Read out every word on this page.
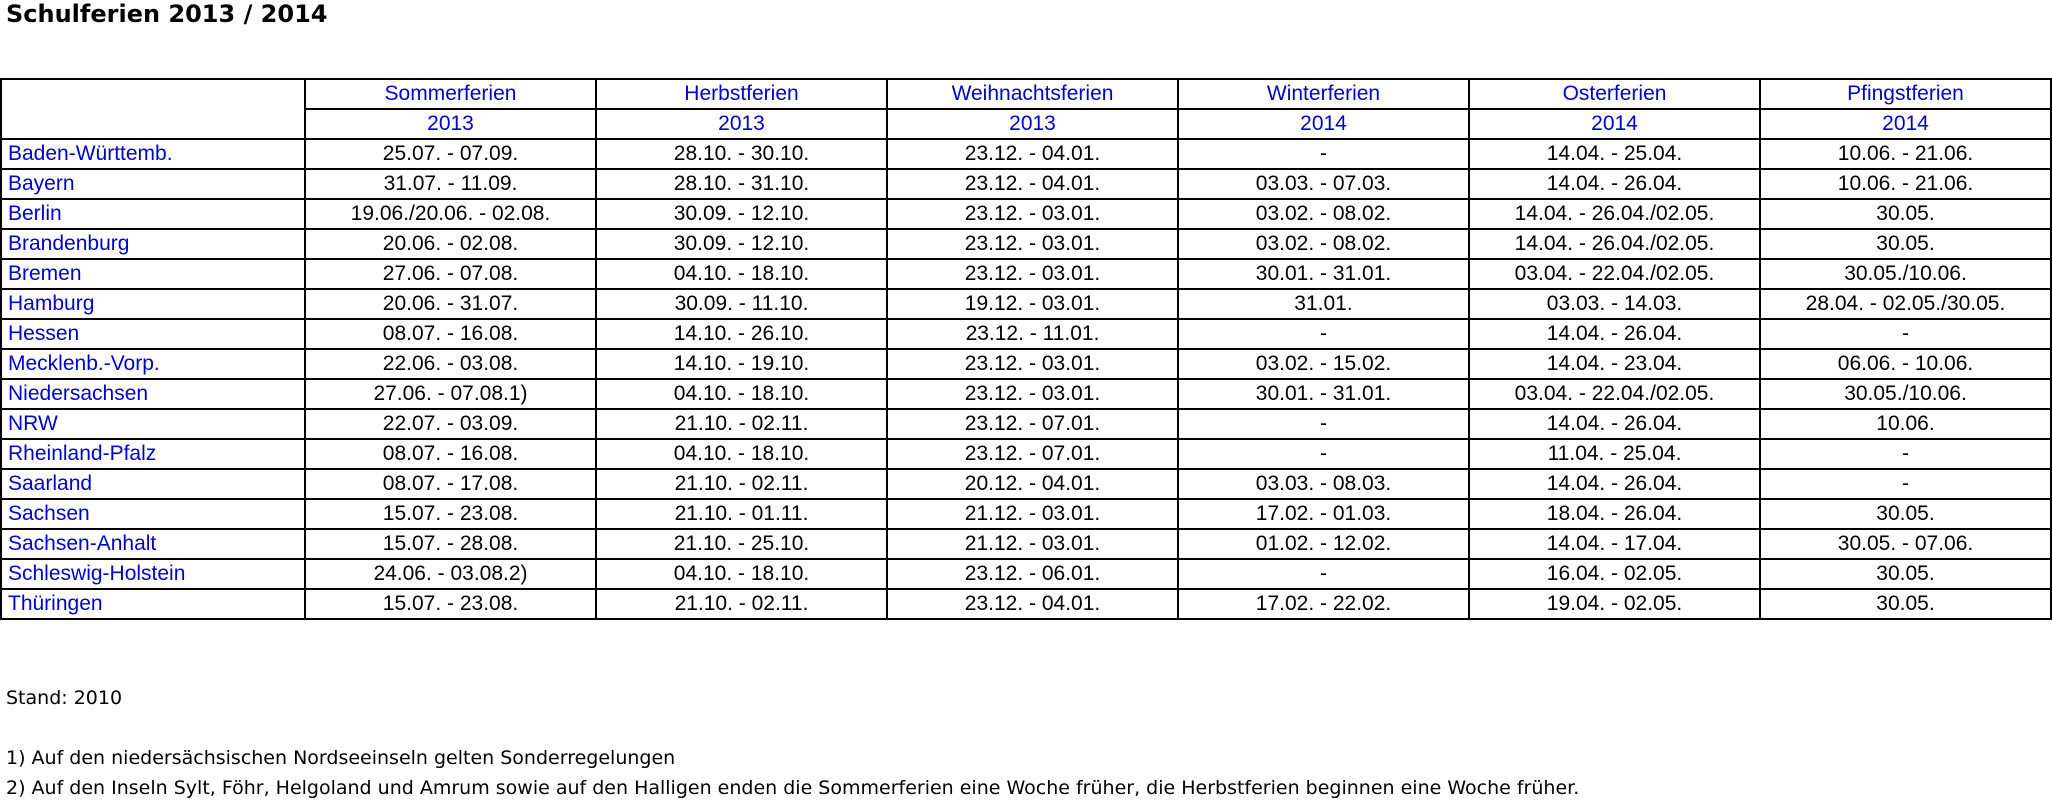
Schulferien 2013 / 2014
	Sommerferien	Herbstferien	Weihnachtsferien	Winterferien	Osterferien	Pfingstferien
	2013	2013	2013	2014	2014	2014
Baden-Württemb.	25.07. - 07.09.	28.10. - 30.10.	23.12. - 04.01.	-	14.04. - 25.04.	10.06. - 21.06.
Bayern	31.07. - 11.09.	28.10. - 31.10.	23.12. - 04.01.	03.03. - 07.03.	14.04. - 26.04.	10.06. - 21.06.
Berlin	19.06./20.06. - 02.08.	30.09. - 12.10.	23.12. - 03.01.	03.02. - 08.02.	14.04. - 26.04./02.05.	30.05.
Brandenburg	20.06. - 02.08.	30.09. - 12.10.	23.12. - 03.01.	03.02. - 08.02.	14.04. - 26.04./02.05.	30.05.
Bremen	27.06. - 07.08.	04.10. - 18.10.	23.12. - 03.01.	30.01. - 31.01.	03.04. - 22.04./02.05.	30.05./10.06.
Hamburg	20.06. - 31.07.	30.09. - 11.10.	19.12. - 03.01.	31.01.	03.03. - 14.03.	28.04. - 02.05./30.05.
Hessen	08.07. - 16.08.	14.10. - 26.10.	23.12. - 11.01.	-	14.04. - 26.04.	-
Mecklenb.-Vorp.	22.06. - 03.08.	14.10. - 19.10.	23.12. - 03.01.	03.02. - 15.02.	14.04. - 23.04.	06.06. - 10.06.
Niedersachsen	27.06. - 07.08.1)	04.10. - 18.10.	23.12. - 03.01.	30.01. - 31.01.	03.04. - 22.04./02.05.	30.05./10.06.
NRW	22.07. - 03.09.	21.10. - 02.11.	23.12. - 07.01.	-	14.04. - 26.04.	10.06.
Rheinland-Pfalz	08.07. - 16.08.	04.10. - 18.10.	23.12. - 07.01.	-	11.04. - 25.04.	-
Saarland	08.07. - 17.08.	21.10. - 02.11.	20.12. - 04.01.	03.03. - 08.03.	14.04. - 26.04.	-
Sachsen	15.07. - 23.08.	21.10. - 01.11.	21.12. - 03.01.	17.02. - 01.03.	18.04. - 26.04.	30.05.
Sachsen-Anhalt	15.07. - 28.08.	21.10. - 25.10.	21.12. - 03.01.	01.02. - 12.02.	14.04. - 17.04.	30.05. - 07.06.
Schleswig-Holstein	24.06. - 03.08.2)	04.10. - 18.10.	23.12. - 06.01.	-	16.04. - 02.05.	30.05.
Thüringen	15.07. - 23.08.	21.10. - 02.11.	23.12. - 04.01.	17.02. - 22.02.	19.04. - 02.05.	30.05.
Stand: 2010
1) Auf den niedersächsischen Nordseeinseln gelten Sonderregelungen
2) Auf den Inseln Sylt, Föhr, Helgoland und Amrum sowie auf den Halligen enden die Sommerferien eine Woche früher, die Herbstferien beginnen eine Woche früher.
